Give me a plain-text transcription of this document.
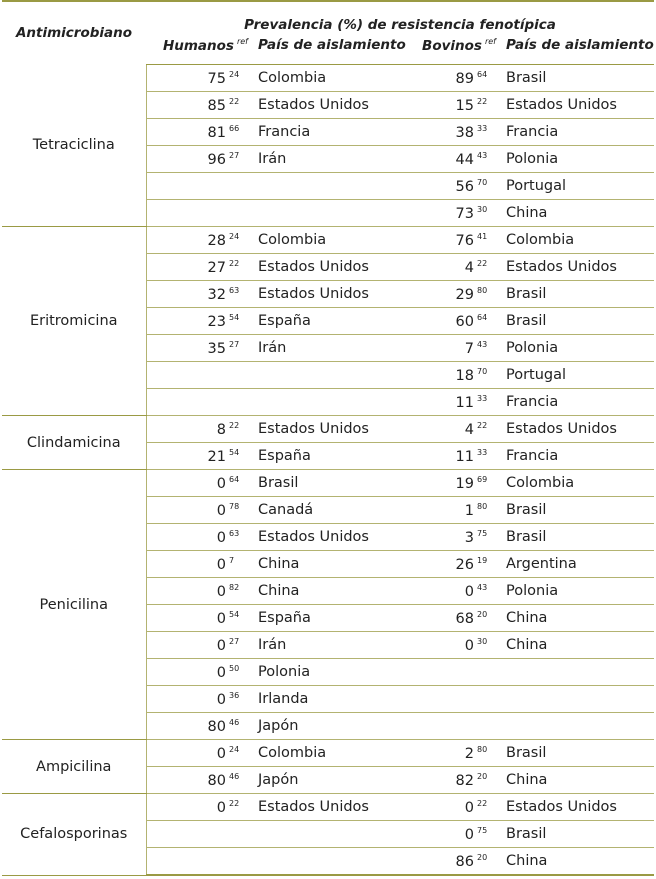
Antimicrobiano	Prevalencia (%) de resistencia fenotípica			
	Humanos $^{ref}$	País de aislamiento	Bovinos $^{ref}$	País de aislamiento
Tetraciclina	75 24	Colombia	89 64	Brasil
	85 22	Estados Unidos	15 22	Estados Unidos
	81 66	Francia	38 33	Francia
	96 27	Irán	44 43	Polonia
			56 70	Portugal
			73 30	China
Eritromicina	28 24	Colombia	76 41	Colombia
	27 22	Estados Unidos	4 22	Estados Unidos
	32 63	Estados Unidos	29 80	Brasil
	23 54	España	60 64	Brasil
	35 27	Irán	7 43	Polonia
			18 70	Portugal
			11 33	Francia
Clindamicina	8 22	Estados Unidos	4 22	Estados Unidos
	21 54	España	11 33	Francia
Penicilina	0 64	Brasil	19 69	Colombia
	0 78	Canadá	1 80	Brasil
	0 63	Estados Unidos	3 75	Brasil
	0 7	China	26 19	Argentina
	0 82	China	0 43	Polonia
	0 54	España	68 20	China
	0 27	Irán	0 30	China
	0 50	Polonia		
	0 36	Irlanda		
	80 46	Japón		
Ampicilina	0 24	Colombia	2 80	Brasil
	80 46	Japón	82 20	China
Cefalosporinas	0 22	Estados Unidos	0 22	Estados Unidos
			0 75	Brasil
			86 20	China
